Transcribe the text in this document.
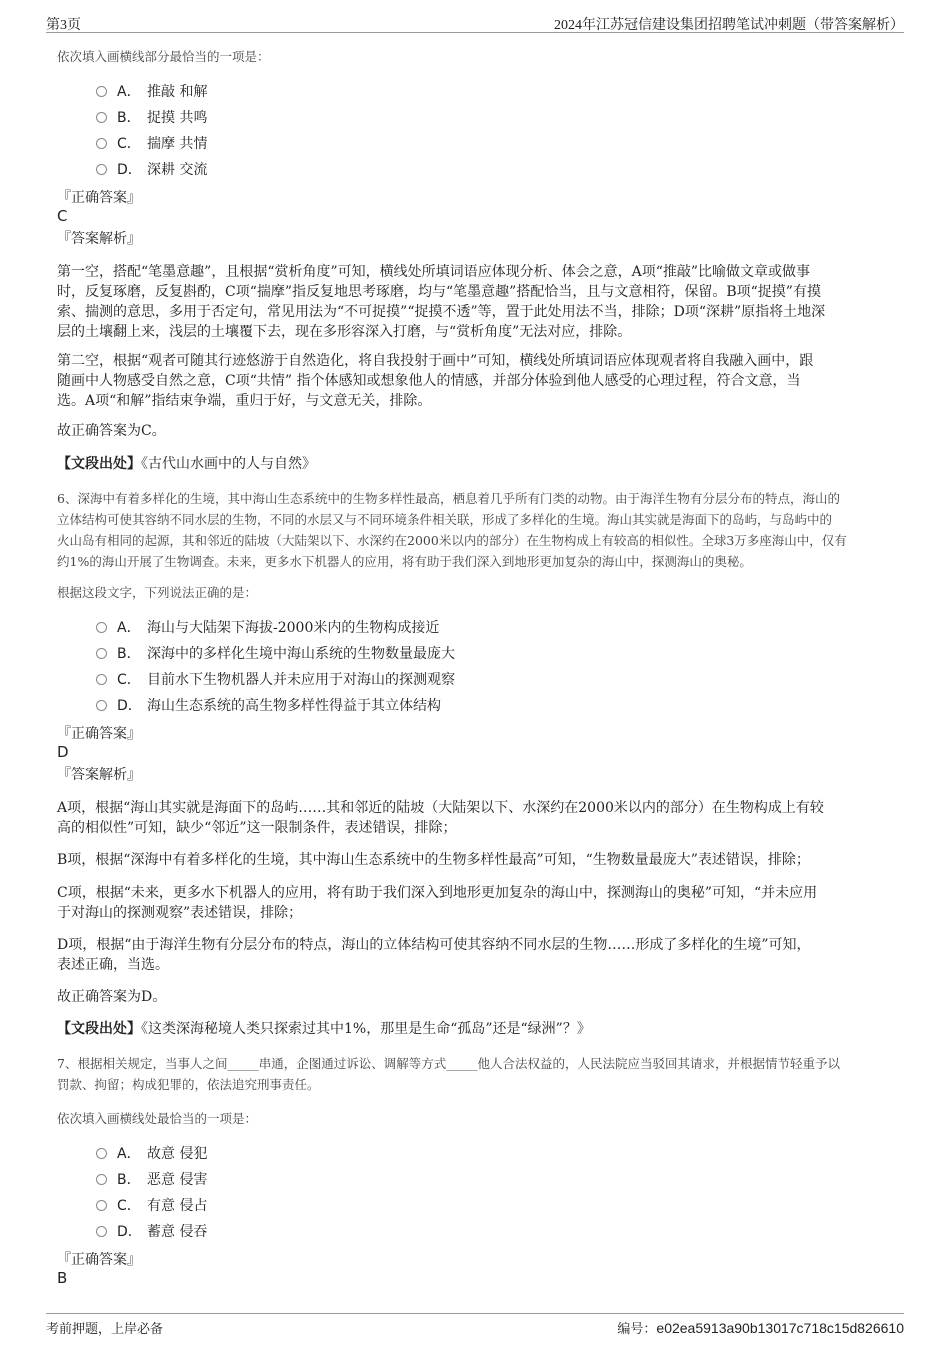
第3页	2024年江苏冠信建设集团招聘笔试冲刺题（带答案解析）
依次填入画横线部分最恰当的一项是：
A． 推敲 和解
B． 捉摸 共鸣
C． 揣摩 共情
D． 深耕 交流
『正确答案』
C
『答案解析』
第一空，搭配“笔墨意趣”，且根据“赏析角度”可知，横线处所填词语应体现分析、体会之意，A项“推敲”比喻做文章或做事
时，反复琢磨，反复斟酌，C项“揣摩”指反复地思考琢磨，均与“笔墨意趣”搭配恰当，且与文意相符，保留。B项“捉摸”有摸
索、揣测的意思，多用于否定句，常见用法为“不可捉摸”“捉摸不透”等，置于此处用法不当，排除；D项“深耕”原指将土地深
层的土壤翻上来，浅层的土壤覆下去，现在多形容深入打磨，与“赏析角度”无法对应，排除。
第二空，根据“观者可随其行迹悠游于自然造化，将自我投射于画中”可知，横线处所填词语应体现观者将自我融入画中，跟
随画中人物感受自然之意，C项“共情” 指个体感知或想象他人的情感，并部分体验到他人感受的心理过程，符合文意，当
选。A项“和解”指结束争端，重归于好，与文意无关，排除。
故正确答案为C。
【文段出处】《古代山水画中的人与自然》
6、深海中有着多样化的生境，其中海山生态系统中的生物多样性最高，栖息着几乎所有门类的动物。由于海洋生物有分层分布的特点，海山的
立体结构可使其容纳不同水层的生物，不同的水层又与不同环境条件相关联，形成了多样化的生境。海山其实就是海面下的岛屿，与岛屿中的
火山岛有相同的起源，其和邻近的陆坡（大陆架以下、水深约在2000米以内的部分）在生物构成上有较高的相似性。全球3万多座海山中，仅有
约1%的海山开展了生物调查。未来，更多水下机器人的应用，将有助于我们深入到地形更加复杂的海山中，探测海山的奥秘。
根据这段文字，下列说法正确的是：
A． 海山与大陆架下海拔-2000米内的生物构成接近
B． 深海中的多样化生境中海山系统的生物数量最庞大
C． 目前水下生物机器人并未应用于对海山的探测观察
D． 海山生态系统的高生物多样性得益于其立体结构
『正确答案』
D
『答案解析』
A项，根据“海山其实就是海面下的岛屿……其和邻近的陆坡（大陆架以下、水深约在2000米以内的部分）在生物构成上有较
高的相似性”可知，缺少“邻近”这一限制条件，表述错误，排除；
B项，根据“深海中有着多样化的生境，其中海山生态系统中的生物多样性最高”可知，“生物数量最庞大”表述错误，排除；
C项，根据“未来，更多水下机器人的应用，将有助于我们深入到地形更加复杂的海山中，探测海山的奥秘”可知，“并未应用
于对海山的探测观察”表述错误，排除；
D项，根据“由于海洋生物有分层分布的特点，海山的立体结构可使其容纳不同水层的生物……形成了多样化的生境”可知，
表述正确，当选。
故正确答案为D。
【文段出处】《这类深海秘境人类只探索过其中1%，那里是生命“孤岛”还是“绿洲”？》
7、根据相关规定，当事人之间_____串通，企图通过诉讼、调解等方式_____他人合法权益的，人民法院应当驳回其请求，并根据情节轻重予以
罚款、拘留；构成犯罪的，依法追究刑事责任。
依次填入画横线处最恰当的一项是：
A． 故意 侵犯
B． 恶意 侵害
C． 有意 侵占
D． 蓄意 侵吞
『正确答案』
B
考前押题，上岸必备	编号：e02ea5913a90b13017c718c15d826610
